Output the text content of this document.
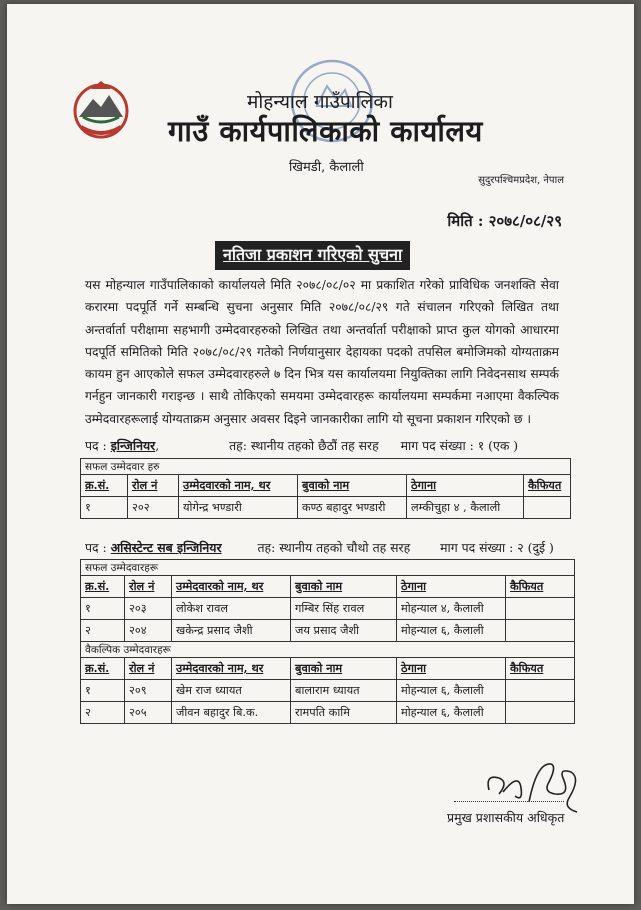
मोहन्याल गाउँपालिका
गाउँ कार्यपालिकाको कार्यालय
खिमडी, कैलाली
सुदुरपश्चिमप्रदेश, नेपाल
मिति : २०७८/०८/२९
नतिजा प्रकाशन गरिएको सुचना
यस मोहन्याल गाउँपालिकाको कार्यालयले मिति २०७८/०८/०२ मा प्रकाशित गरेको प्राविधिक जनशक्ति सेवा करारमा पदपूर्ति गर्ने सम्बन्धि सुचना अनुसार मिति २०७८/०८/२९ गते संचालन गरिएको लिखित तथा अन्तर्वार्ता परीक्षामा सहभागी उम्मेदवारहरुको लिखित तथा अन्तर्वार्ता परीक्षाको प्राप्त कुल योगको आधारमा पदपूर्ति समितिको मिति २०७८/०८/२९ गतेको निर्णयानुसार देहायका पदको तपसिल बमोजिमको योग्यताक्रम कायम हुन आएकोले सफल उम्मेदवारहरुले ७ दिन भित्र यस कार्यालयमा नियुक्तिका लागि निवेदनसाथ सम्पर्क गर्नहुन जानकारी गराइन्छ । साथै तोकिएको समयमा उम्मेदवारहरू कार्यालयमा सम्पर्कमा नआएमा वैकल्पिक उम्मेदवारहरूलाई योग्यताक्रम अनुसार अवसर दिइने जानकारीका लागि यो सूचना प्रकाशन गरिएको छ ।
पद : इन्जिनियर,	तह: स्थानीय तहको छैठौं तह सरह माग पद संख्या : १ (एक )
सफल उम्मेदवार हरु					
क्र.सं.	रोल नं	उम्मेदवारको नाम, थर	बुवाको नाम	ठेगाना	कैफियत
१	२०२	योगेन्द्र भण्डारी	कण्ठ बहादुर भण्डारी	लम्कीचुहा ४ , कैलाली	
पद : असिस्टेन्ट सब इन्जिनियर	तह: स्थानीय तहको चौथो तह सरह माग पद संख्या : २ (दुई )
सफल उम्मेदवारहरू					
क्र.सं.	रोल नं	उम्मेदवारको नाम, थर	बुवाको नाम	ठेगाना	कैफियत
१	२०३	लोकेश रावल	गम्बिर सिंह रावल	मोहन्याल ४, कैलाली	
२	२०४	खकेन्द्र प्रसाद जैशी	जय प्रसाद जैशी	मोहन्याल ६, कैलाली	
वैकल्पिक उम्मेदवारहरू					
क्र.सं.	रोल नं	उम्मेदवारको नाम, थर	बुवाको नाम	ठेगाना	कैफियत
१	२०९	खेम राज ध्यायत	बालाराम ध्यायत	मोहन्याल ६, कैलाली	
२	२०५	जीवन बहादुर बि.क.	रामपति कामि	मोहन्याल ६, कैलाली	
प्रमुख प्रशासकीय अधिकृत
